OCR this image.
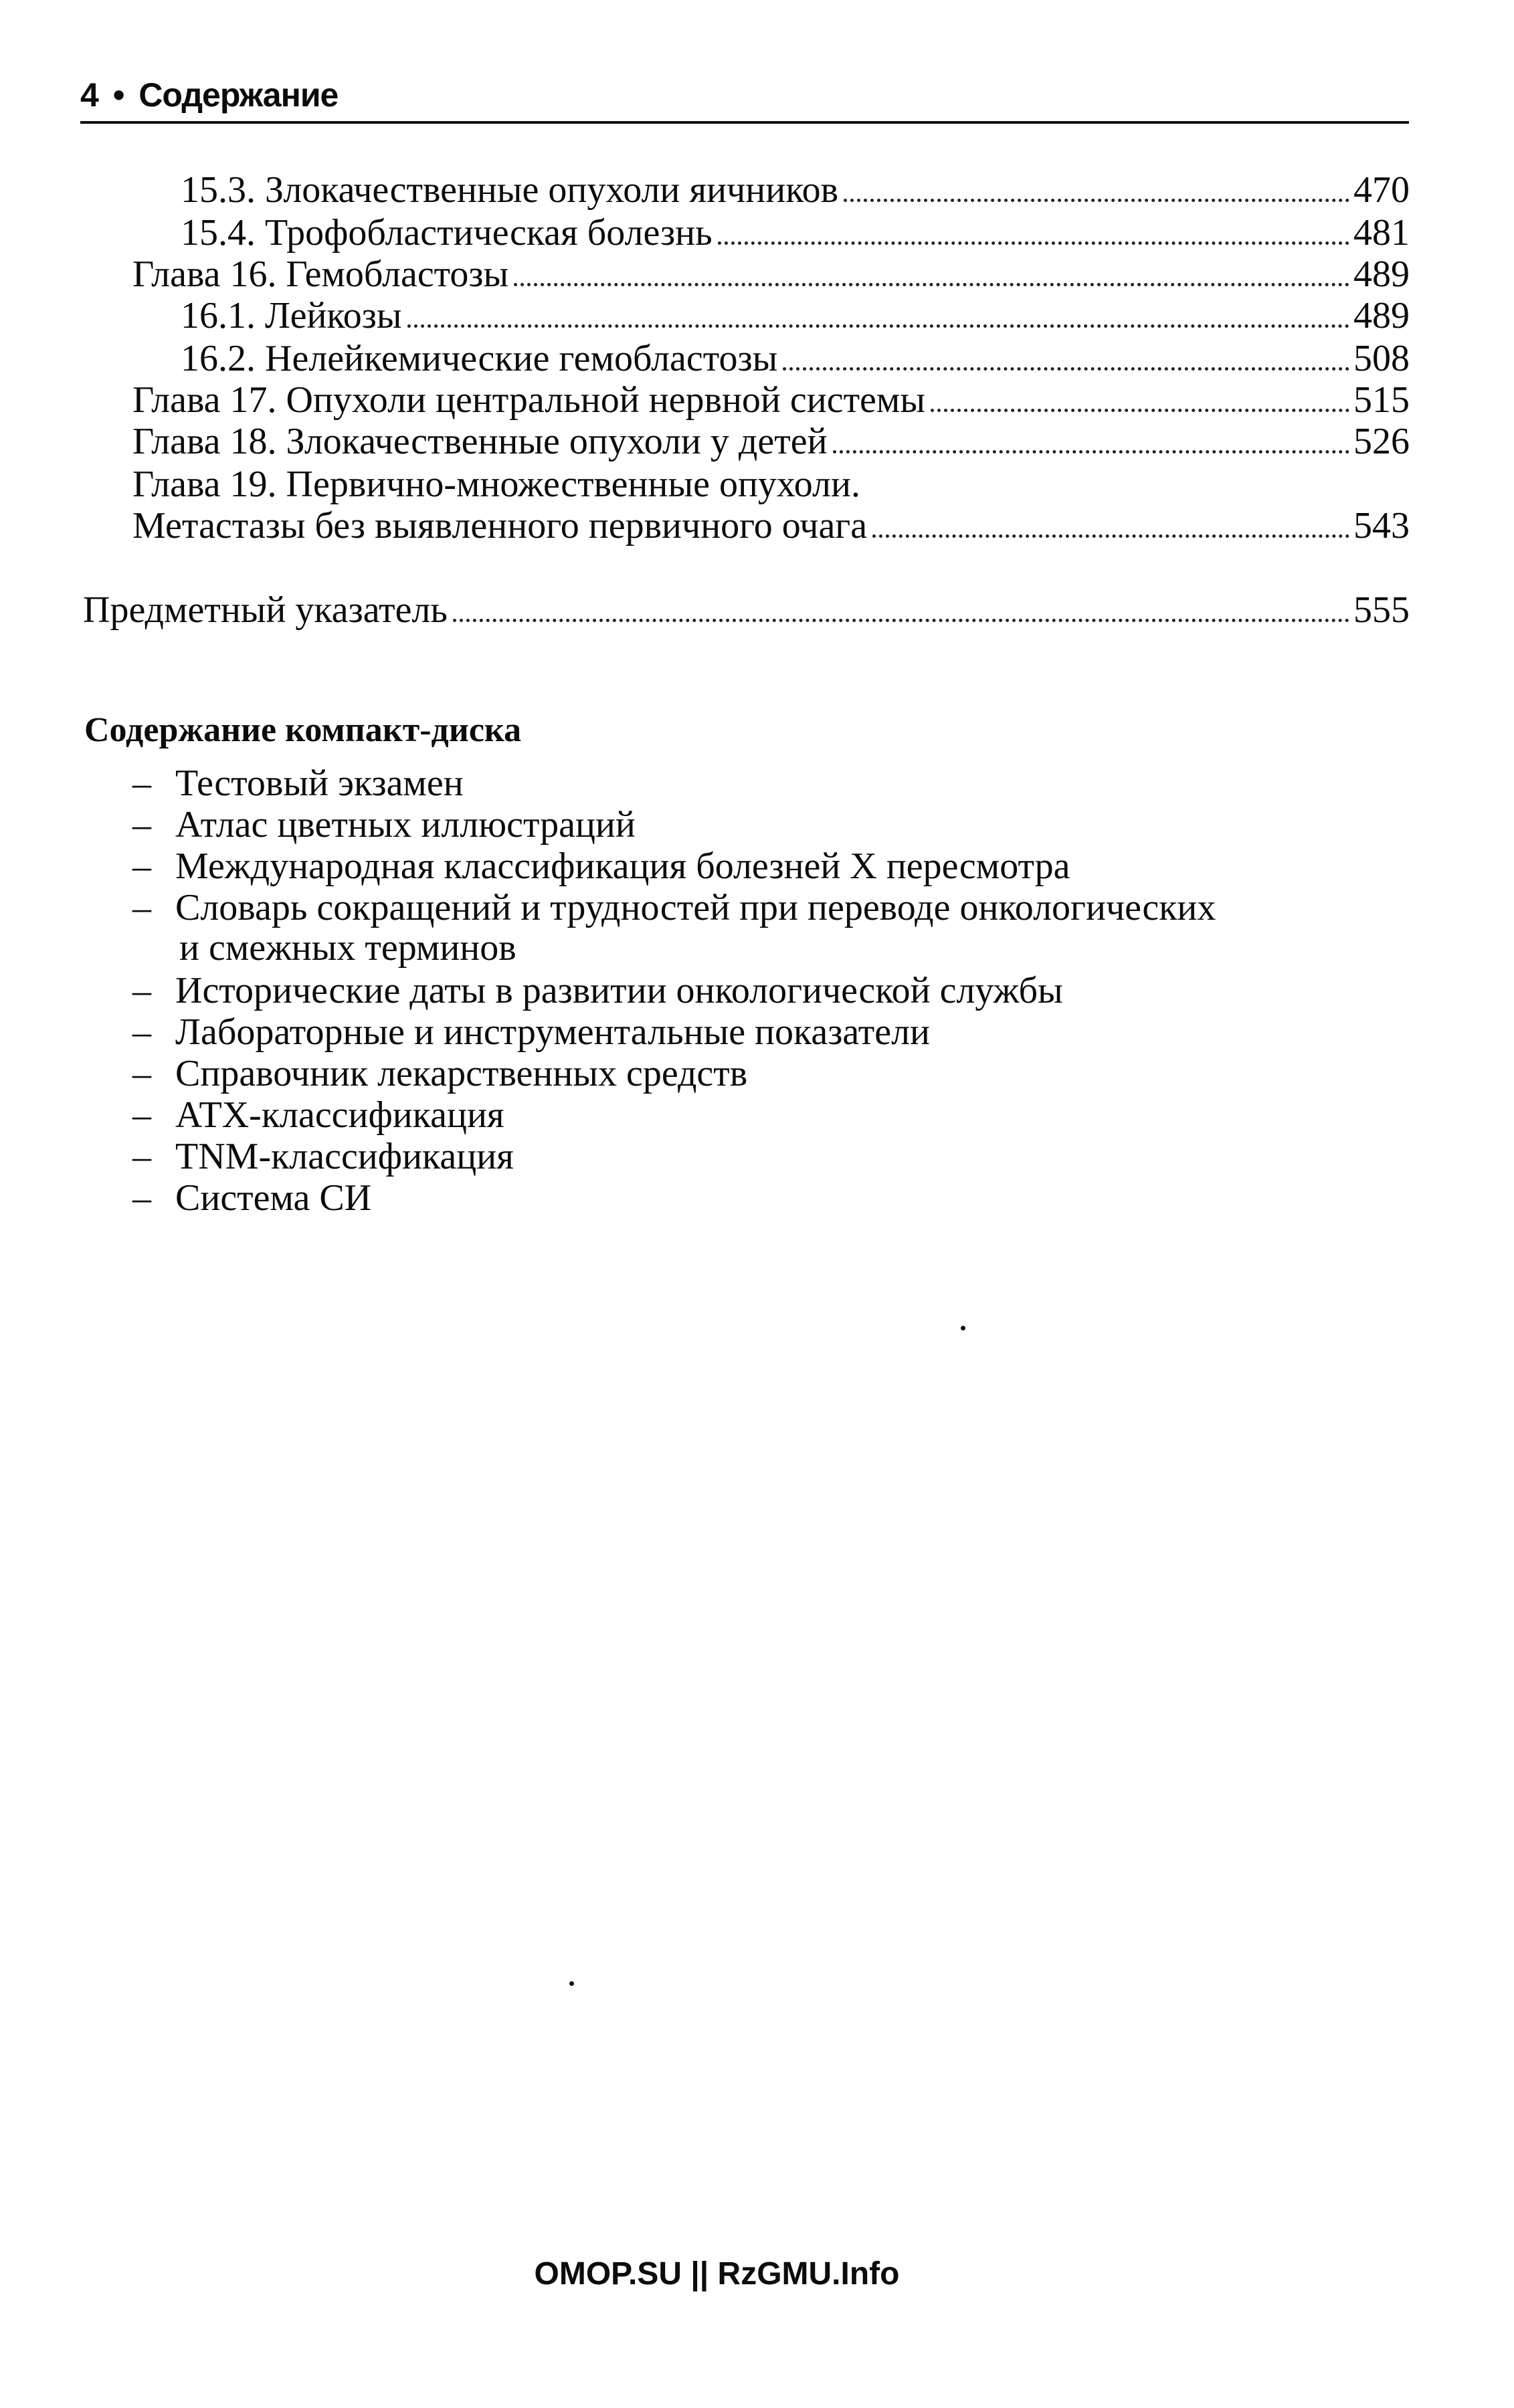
4 • Содержание
15.3. Злокачественные опухоли яичников	470
15.4. Трофобластическая болезнь	481
Глава 16. Гемобластозы	489
16.1. Лейкозы	489
16.2. Нелейкемические гемобластозы	508
Глава 17. Опухоли центральной нервной системы	515
Глава 18. Злокачественные опухоли у детей	526
Глава 19. Первично-множественные опухоли.
Метастазы без выявленного первичного очага	543
Предметный указатель	555
Содержание компакт-диска
– Тестовый экзамен
– Атлас цветных иллюстраций
– Международная классификация болезней X пересмотра
– Словарь сокращений и трудностей при переводе онкологических
и смежных терминов
– Исторические даты в развитии онкологической службы
– Лабораторные и инструментальные показатели
– Справочник лекарственных средств
– АТХ-классификация
– TNM-классификация
– Система СИ
OMOP.SU || RzGMU.Info
